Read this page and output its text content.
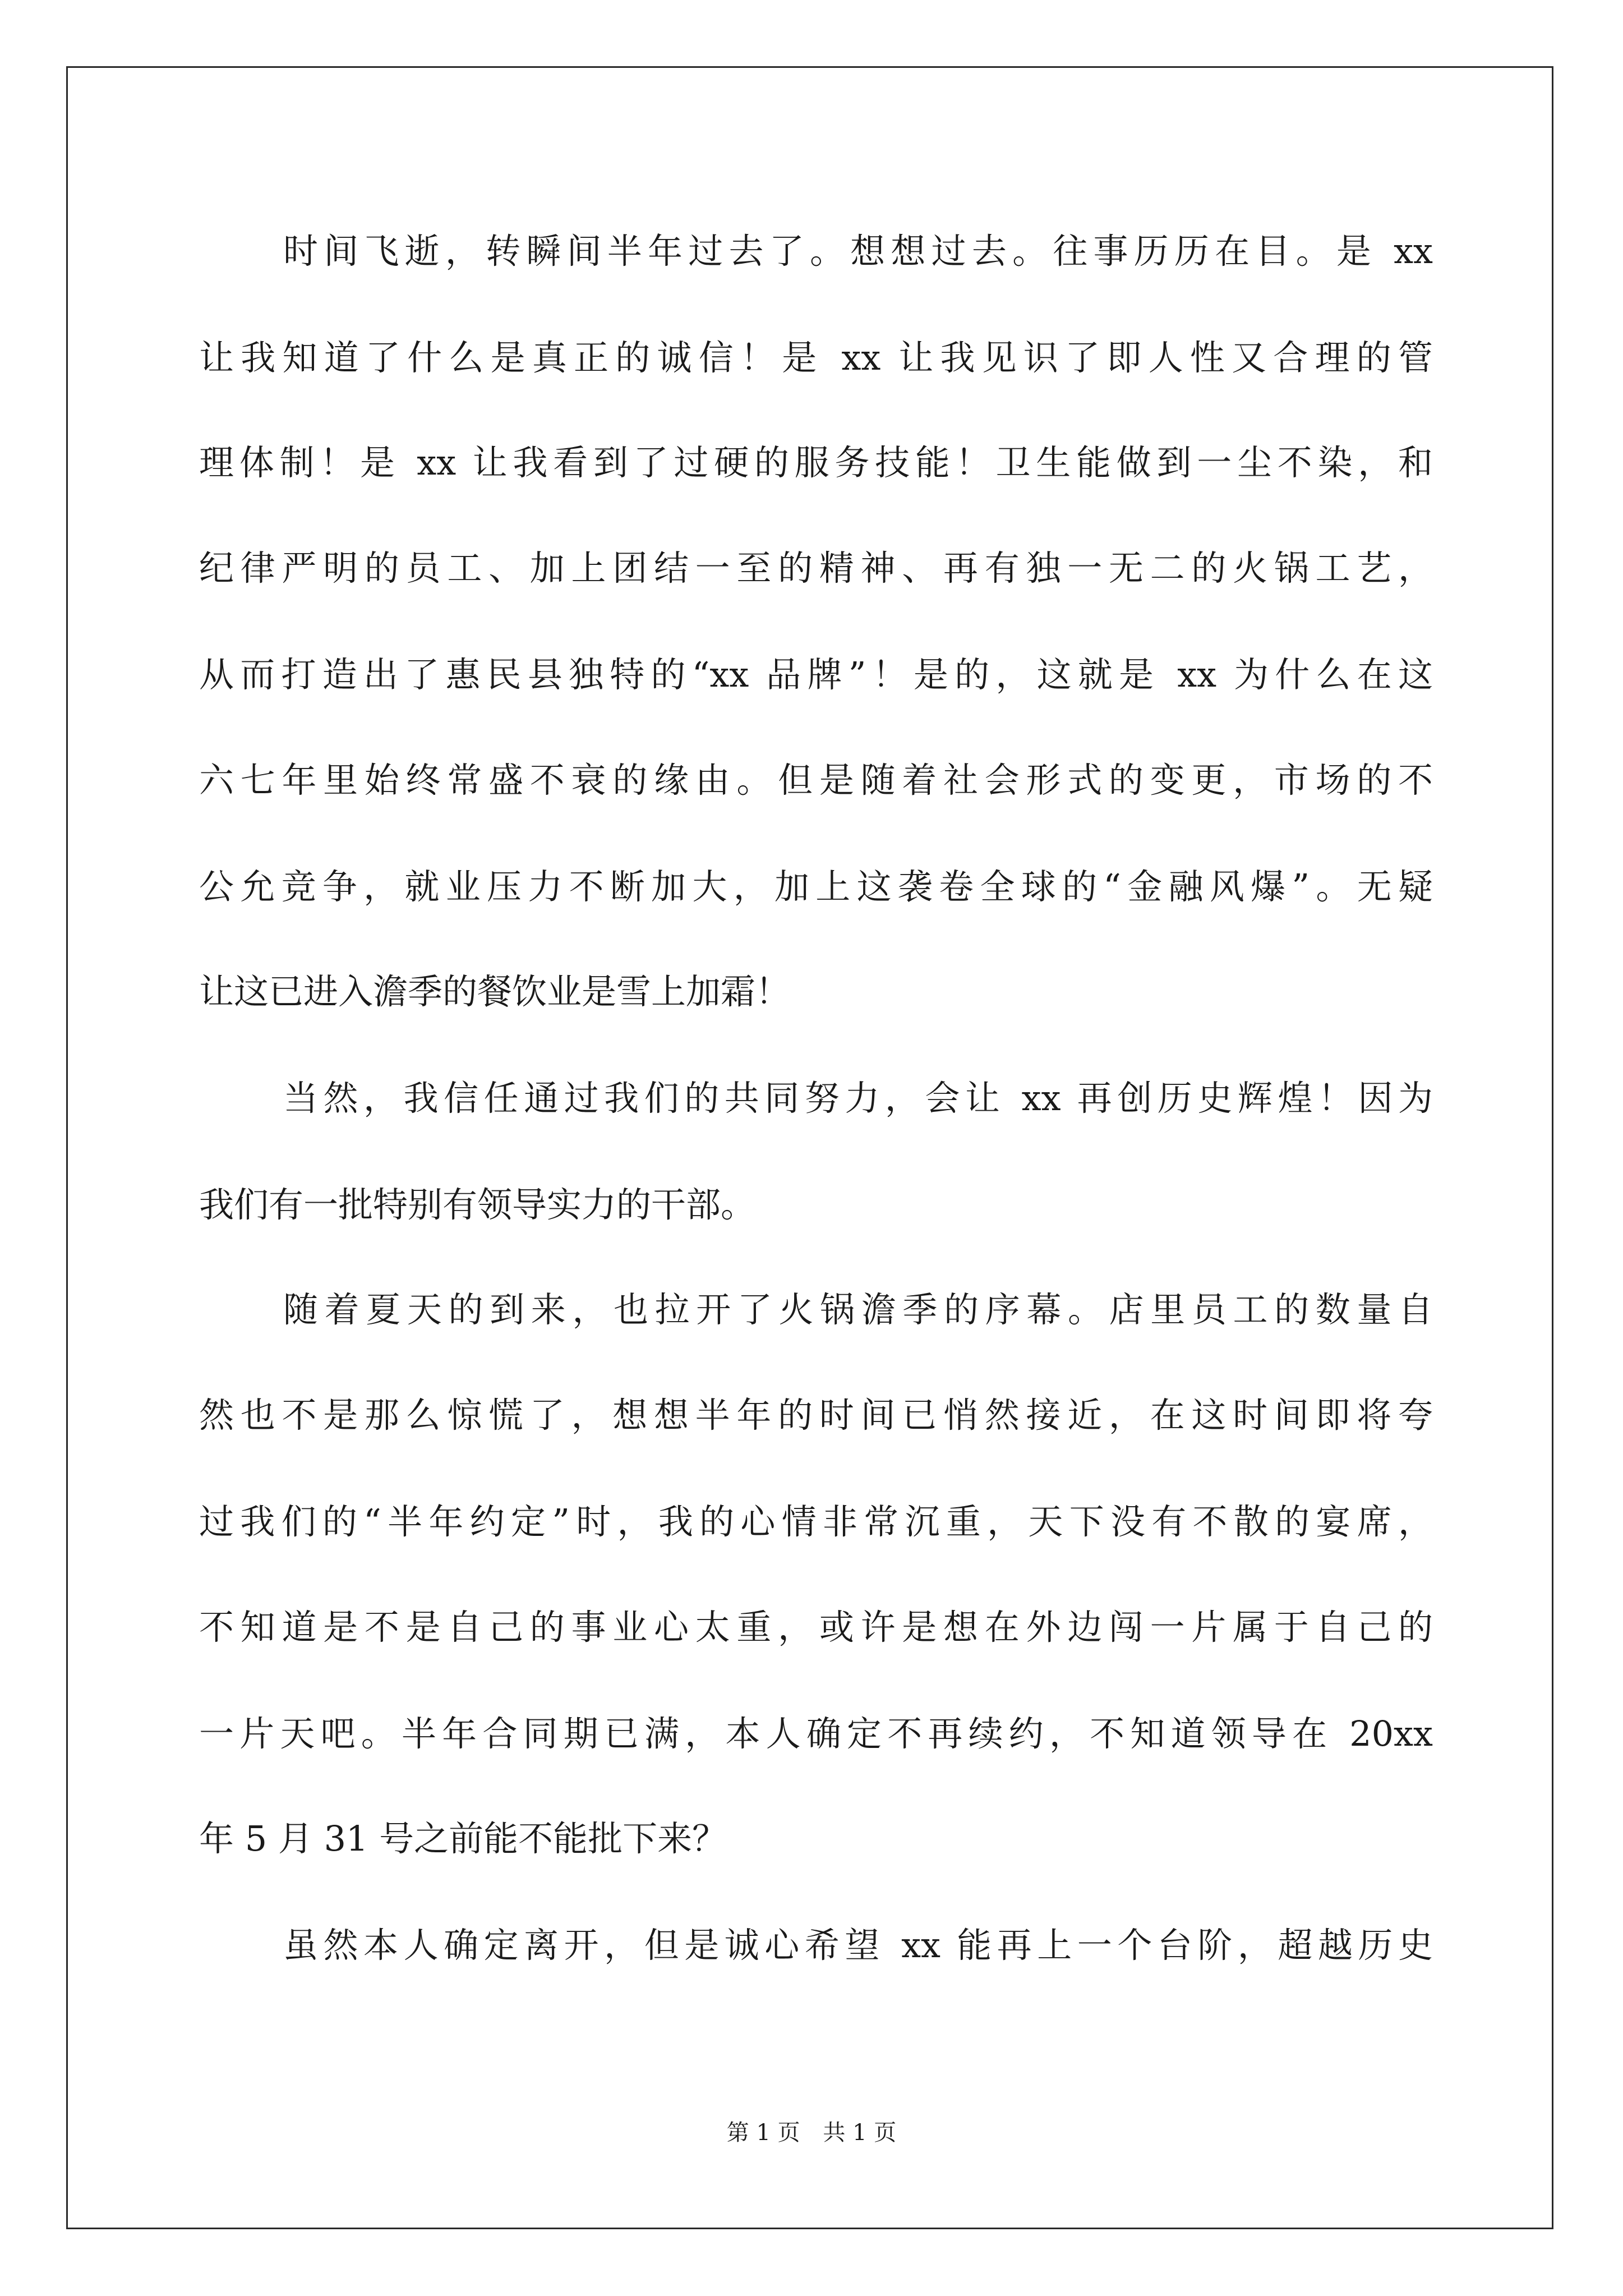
时间飞逝，转瞬间半年过去了。想想过去。往事历历在目。是 xx
让我知道了什么是真正的诚信！是 xx 让我见识了即人性又合理的管
理体制！是 xx 让我看到了过硬的服务技能！卫生能做到一尘不染，和
纪律严明的员工、加上团结一至的精神、再有独一无二的火锅工艺，
从而打造出了惠民县独特的“xx 品牌”！是的，这就是 xx 为什么在这
六七年里始终常盛不衰的缘由。但是随着社会形式的变更，市场的不
公允竞争，就业压力不断加大，加上这袭卷全球的“金融风爆”。无疑
让这已进入澹季的餐饮业是雪上加霜！
当然，我信任通过我们的共同努力，会让 xx 再创历史辉煌！因为
我们有一批特别有领导实力的干部。
随着夏天的到来，也拉开了火锅澹季的序幕。店里员工的数量自
然也不是那么惊慌了，想想半年的时间已悄然接近，在这时间即将夸
过我们的“半年约定”时，我的心情非常沉重，天下没有不散的宴席，
不知道是不是自己的事业心太重，或许是想在外边闯一片属于自己的
一片天吧。半年合同期已满，本人确定不再续约，不知道领导在 20xx
年 5 月 31 号之前能不能批下来？
虽然本人确定离开，但是诚心希望 xx 能再上一个台阶，超越历史
第 1 页 共 1 页
